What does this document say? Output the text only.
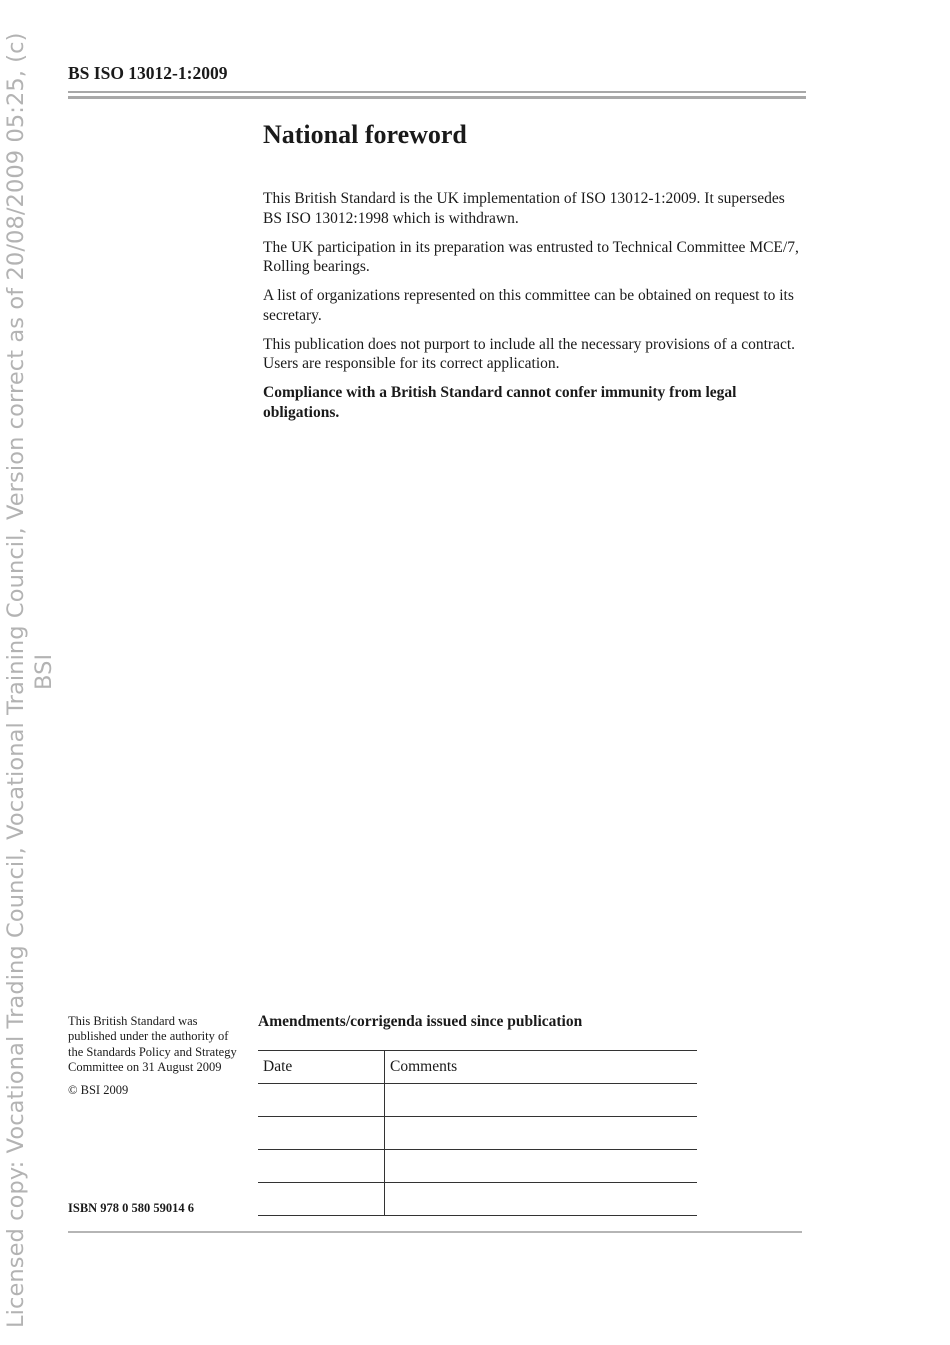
Licensed copy: Vocational Trading Council, Vocational Training Council, Version correct as of 20/08/2009 05:25, (c) BSI
BS ISO 13012-1:2009
National foreword

This British Standard is the UK implementation of ISO 13012-1:2009. It supersedes BS ISO 13012:1998 which is withdrawn.

The UK participation in its preparation was entrusted to Technical Committee MCE/7, Rolling bearings.

A list of organizations represented on this committee can be obtained on request to its secretary.

This publication does not purport to include all the necessary provisions of a contract. Users are responsible for its correct application.

Compliance with a British Standard cannot confer immunity from legal obligations.

This British Standard was published under the authority of the Standards Policy and Strategy Committee on 31 August 2009

© BSI 2009

ISBN 978 0 580 59014 6
Amendments/corrigenda issued since publication
Date	Comments
